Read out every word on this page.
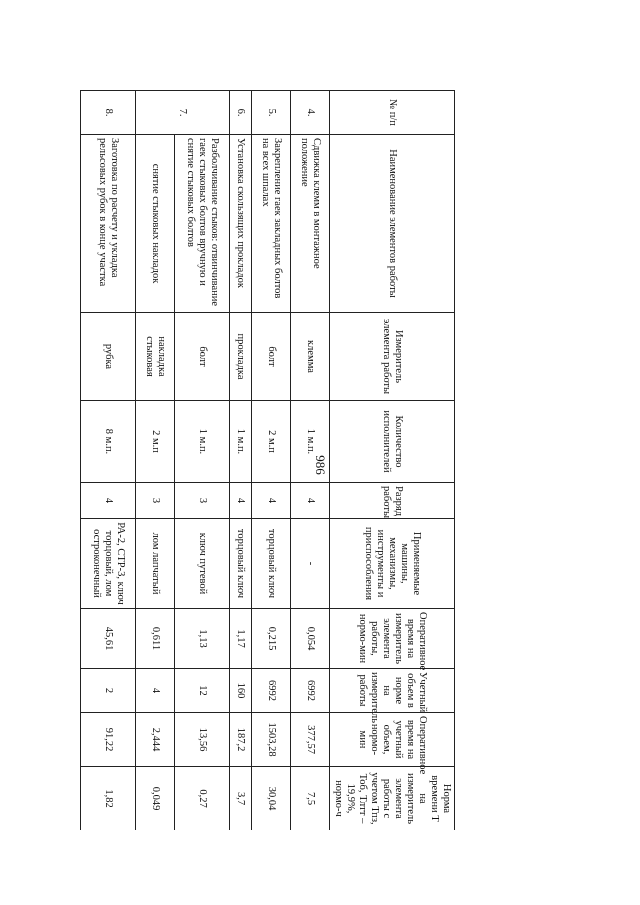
986
№ п/п	Наименование элементов работы	Измеритель элемента работы	Количество исполнителей	Разряд работы	Применяемые машины, механизмы, инструменты и приспособления	Оперативное время на измеритель элемента работы, нормо-мин	Учетный объем в норме на измеритель работы	Оперативное время на учетный объем, нормо-мин	Норма времени Т на измеритель элемента работы с учетом Тпз, Тоб, Тлтт – 19,9%, нормо-ч
4.	Сдвижка клемм в монтажное положение	клемма	1 м.п.	4	-	0,054	6992	377,57	7,5
5.	Закрепление гаек закладных болтов на всех шпалах	болт	2 м.п	4	торцовый ключ	0,215	6992	1503,28	30,04
6.	Установка скользящих прокладок	прокладка	1 м.п.	4	торцовый ключ	1,17	160	187,2	3,7
7.	Разболчивание стыков: отвинчивание гаек стыковых болтов вручную и снятие стыковых болтов	болт	1 м.п.	3	ключ путевой	1,13	12	13,56	0,27
	снятие стыковых накладок	накладка стыковая	2 м.п	3	лом лапчатый	0,611	4	2,444	0,049
8.	Заготовка по расчету и укладка рельсовых рубок в конце участка	рубка	8 м.п.	4	РА-2, СТР-3, ключ торцовый, лом остроконечный	45,61	2	91,22	1,82
